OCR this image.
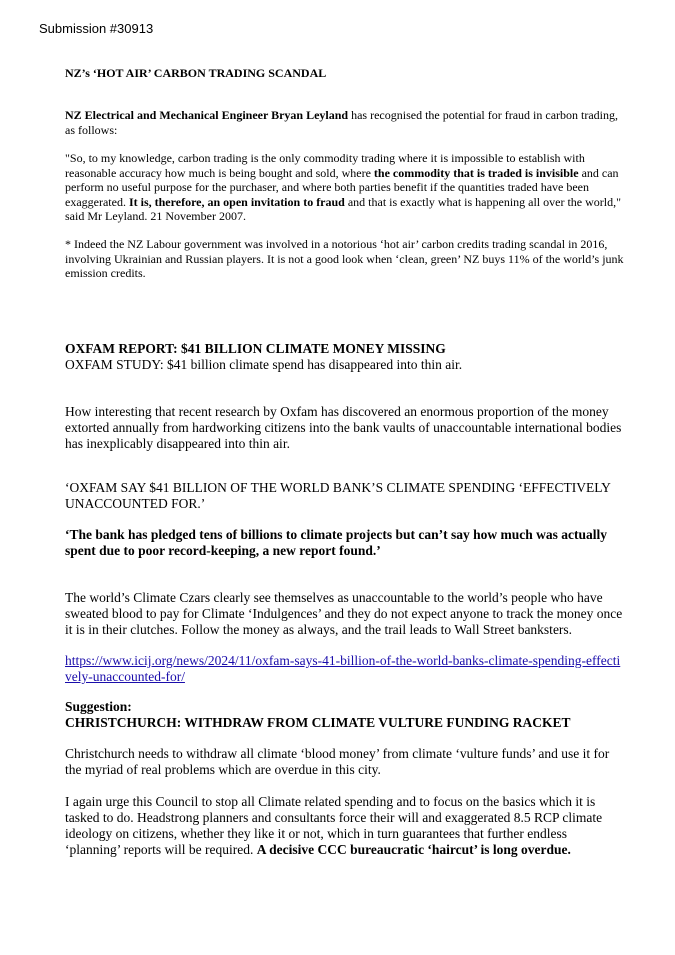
Submission #30913

NZ’s ‘HOT AIR’ CARBON TRADING SCANDAL

NZ Electrical and Mechanical Engineer Bryan Leyland has recognised the potential for fraud in carbon trading, as follows:

"So, to my knowledge, carbon trading is the only commodity trading where it is impossible to establish with reasonable accuracy how much is being bought and sold, where the commodity that is traded is invisible and can perform no useful purpose for the purchaser, and where both parties benefit if the quantities traded have been exaggerated. It is, therefore, an open invitation to fraud and that is exactly what is happening all over the world," said Mr Leyland. 21 November 2007.

* Indeed the NZ Labour government was involved in a notorious ‘hot air’ carbon credits trading scandal in 2016, involving Ukrainian and Russian players. It is not a good look when ‘clean, green’ NZ buys 11% of the world’s junk emission credits.

OXFAM REPORT: $41 BILLION CLIMATE MONEY MISSING

OXFAM STUDY: $41 billion climate spend has disappeared into thin air.

How interesting that recent research by Oxfam has discovered an enormous proportion of the money extorted annually from hardworking citizens into the bank vaults of unaccountable international bodies has inexplicably disappeared into thin air.

‘OXFAM SAY $41 BILLION OF THE WORLD BANK’S CLIMATE SPENDING ‘EFFECTIVELY UNACCOUNTED FOR.’

‘The bank has pledged tens of billions to climate projects but can’t say how much was actually spent due to poor record-keeping, a new report found.’

The world’s Climate Czars clearly see themselves as unaccountable to the world’s people who have sweated blood to pay for Climate ‘Indulgences’ and they do not expect anyone to track the money once it is in their clutches. Follow the money as always, and the trail leads to Wall Street banksters.

https://www.icij.org/news/2024/11/oxfam-says-41-billion-of-the-world-banks-climate-spending-effectively-unaccounted-for/

Suggestion:

CHRISTCHURCH: WITHDRAW FROM CLIMATE VULTURE FUNDING RACKET

Christchurch needs to withdraw all climate ‘blood money’ from climate ‘vulture funds’ and use it for the myriad of real problems which are overdue in this city.

I again urge this Council to stop all Climate related spending and to focus on the basics which it is tasked to do. Headstrong planners and consultants force their will and exaggerated 8.5 RCP climate ideology on citizens, whether they like it or not, which in turn guarantees that further endless ‘planning’ reports will be required. A decisive CCC bureaucratic ‘haircut’ is long overdue.
